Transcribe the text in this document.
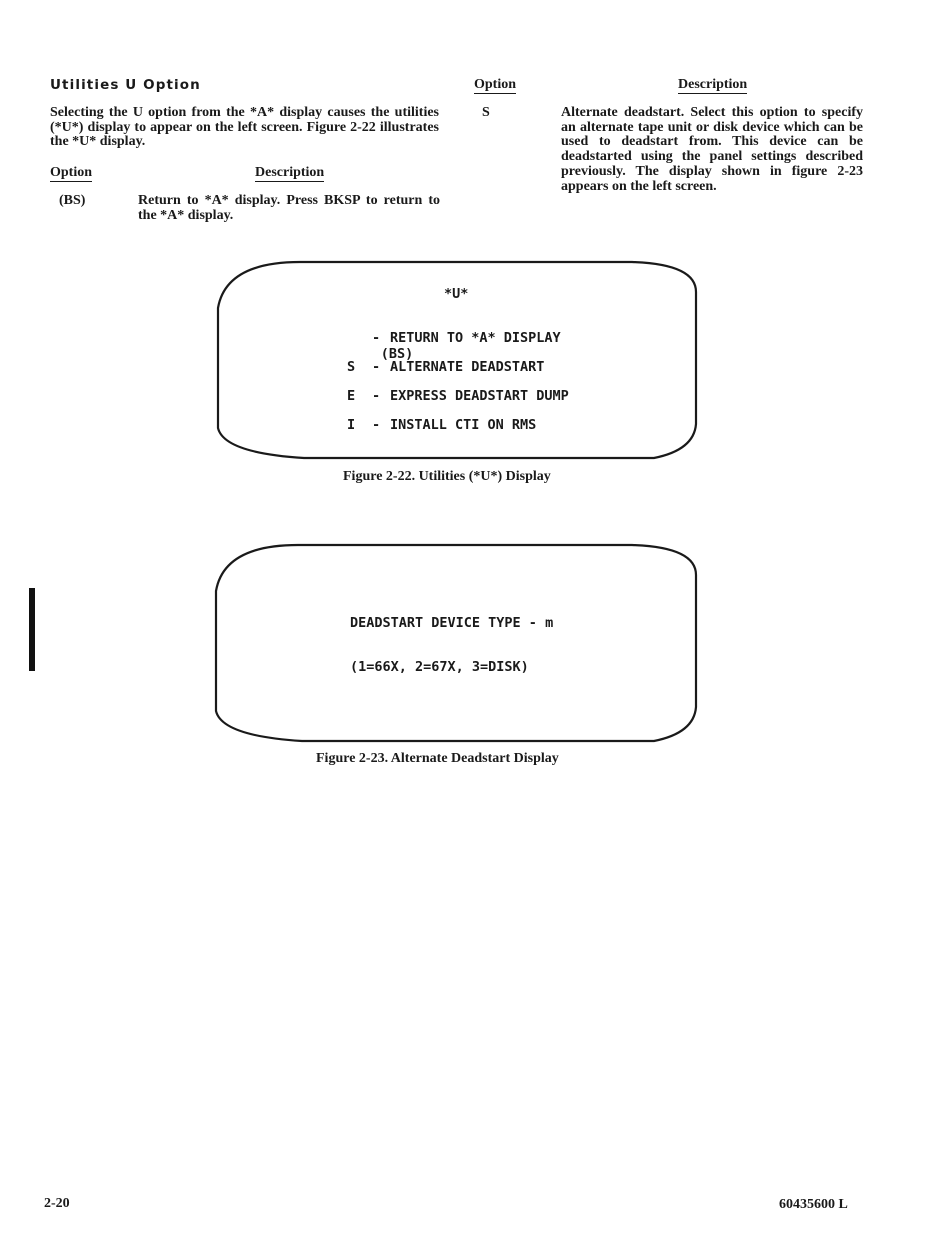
Utilities U Option
Selecting the U option from the *A* display causes the utilities (*U*) display to appear on the left screen. Figure 2-22 illustrates the *U* display.
Option	Description
(BS)	Return to *A* display. Press BKSP to return to the *A* display.
Option	Description
S	Alternate deadstart. Select this option to specify an alternate tape unit or disk device which can be used to deadstart from. This device can be deadstarted using the panel settings described previously. The display shown in figure 2-23 appears on the left screen.
*U*

(BS)

- RETURN TO *A* DISPLAY
S - ALTERNATE DEADSTART
E - EXPRESS DEADSTART DUMP
I - INSTALL CTI ON RMS
Figure 2-22. Utilities (*U*) Display
DEADSTART DEVICE TYPE - m
(1=66X, 2=67X, 3=DISK)
Figure 2-23. Alternate Deadstart Display
2-20	60435600 L
